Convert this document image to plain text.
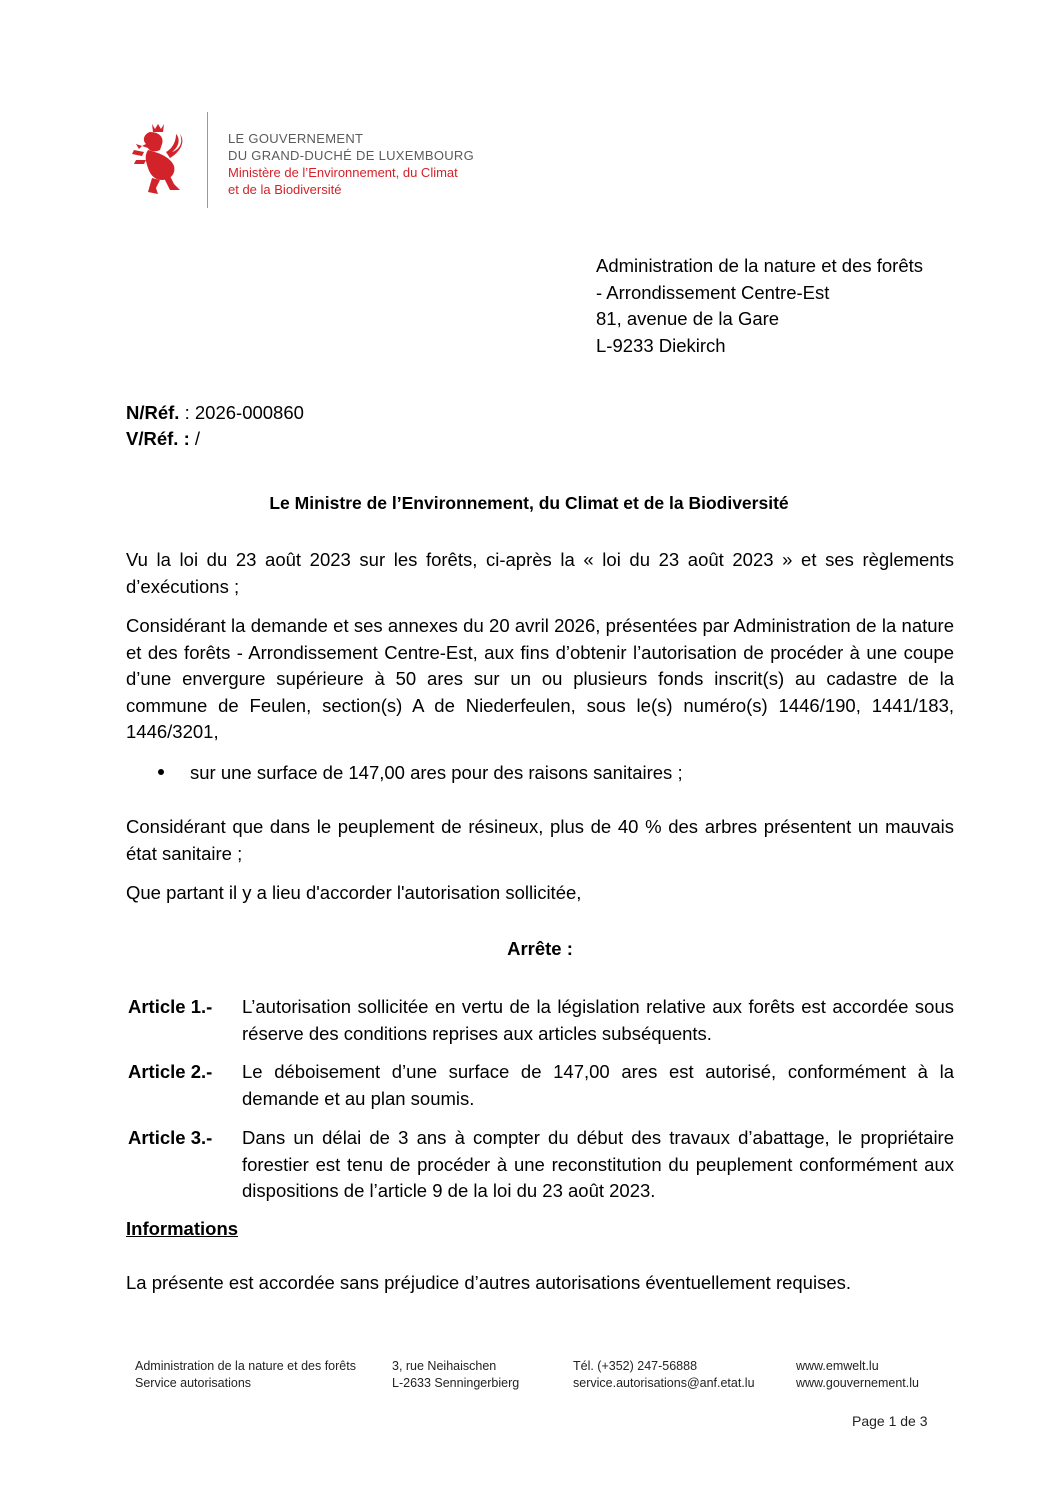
LE GOUVERNEMENT
DU GRAND-DUCHÉ DE LUXEMBOURG
Ministère de l’Environnement, du Climat
et de la Biodiversité
Administration de la nature et des forêts
- Arrondissement Centre-Est
81, avenue de la Gare
L-9233 Diekirch
N/Réf. : 2026-000860
V/Réf. : /
Le Ministre de l’Environnement, du Climat et de la Biodiversité
Vu la loi du 23 août 2023 sur les forêts, ci-après la « loi du 23 août 2023 » et ses règlements d’exécutions ;
Considérant la demande et ses annexes du 20 avril 2026, présentées par Administration de la nature et des forêts - Arrondissement Centre-Est, aux fins d’obtenir l’autorisation de procéder à une coupe d’une envergure supérieure à 50 ares sur un ou plusieurs fonds inscrit(s) au cadastre de la commune de Feulen, section(s) A de Niederfeulen, sous le(s) numéro(s) 1446/190, 1441/183, 1446/3201,
sur une surface de 147,00 ares pour des raisons sanitaires ;
Considérant que dans le peuplement de résineux, plus de 40 % des arbres présentent un mauvais état sanitaire ;
Que partant il y a lieu d'accorder l'autorisation sollicitée,
Arrête :
Article 1.- L’autorisation sollicitée en vertu de la législation relative aux forêts est accordée sous réserve des conditions reprises aux articles subséquents.
Article 2.- Le déboisement d’une surface de 147,00 ares est autorisé, conformément à la demande et au plan soumis.
Article 3.- Dans un délai de 3 ans à compter du début des travaux d’abattage, le propriétaire forestier est tenu de procéder à une reconstitution du peuplement conformément aux dispositions de l’article 9 de la loi du 23 août 2023.
Informations
La présente est accordée sans préjudice d’autres autorisations éventuellement requises.
Administration de la nature et des forêts
Service autorisations
3, rue Neihaischen
L-2633 Senningerbierg
Tél. (+352) 247-56888
service.autorisations@anf.etat.lu
www.emwelt.lu
www.gouvernement.lu
Page 1 de 3
